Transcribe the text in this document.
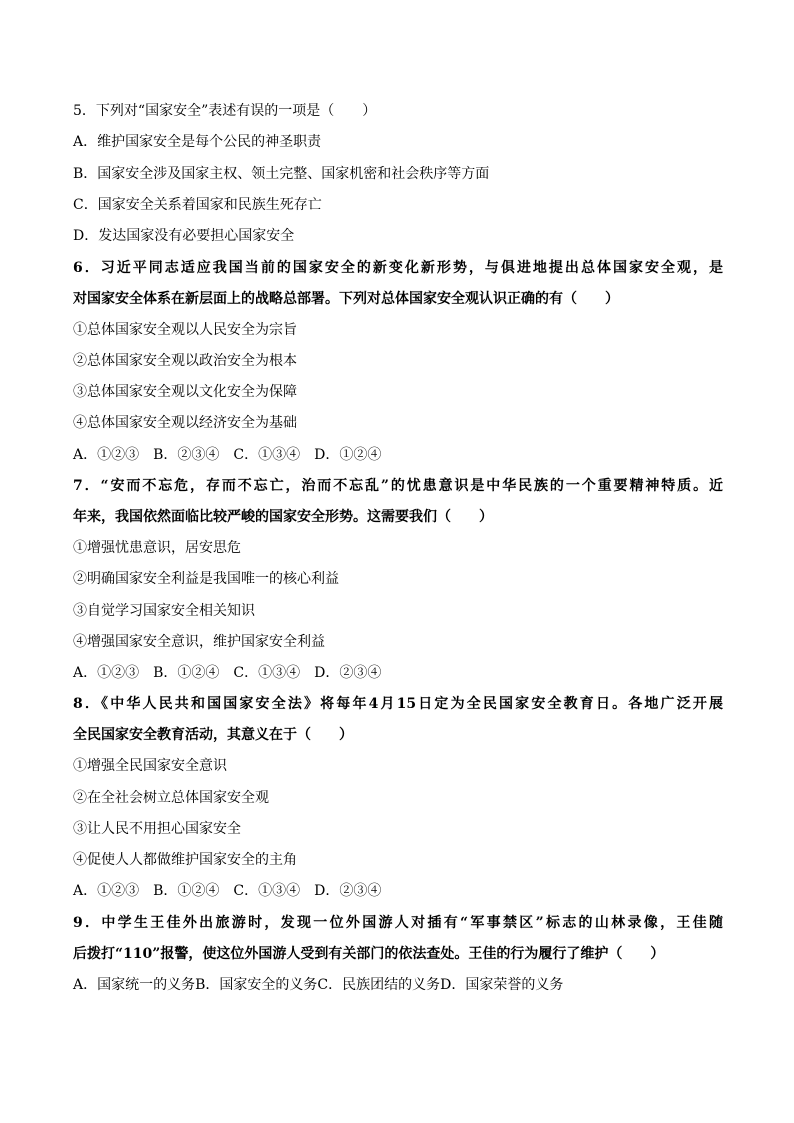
5．下列对“国家安全”表述有误的一项是（　　）
A．维护国家安全是每个公民的神圣职责
B．国家安全涉及国家主权、领土完整、国家机密和社会秩序等方面
C．国家安全关系着国家和民族生死存亡
D．发达国家没有必要担心国家安全
6．习近平同志适应我国当前的国家安全的新变化新形势，与俱进地提出总体国家安全观，是
对国家安全体系在新层面上的战略总部署。下列对总体国家安全观认识正确的有（　　）
①总体国家安全观以人民安全为宗旨
②总体国家安全观以政治安全为根本
③总体国家安全观以文化安全为保障
④总体国家安全观以经济安全为基础
A．①②③　B．②③④　C．①③④　D．①②④
7．“安而不忘危，存而不忘亡，治而不忘乱”的忧患意识是中华民族的一个重要精神特质。近
年来，我国依然面临比较严峻的国家安全形势。这需要我们（　　）
①增强忧患意识，居安思危
②明确国家安全利益是我国唯一的核心利益
③自觉学习国家安全相关知识
④增强国家安全意识，维护国家安全利益
A．①②③　B．①②④　C．①③④　D．②③④
8．《中华人民共和国国家安全法》将每年4月15日定为全民国家安全教育日。各地广泛开展
全民国家安全教育活动，其意义在于（　　）
①增强全民国家安全意识
②在全社会树立总体国家安全观
③让人民不用担心国家安全
④促使人人都做维护国家安全的主角
A．①②③　B．①②④　C．①③④　D．②③④
9．中学生王佳外出旅游时，发现一位外国游人对插有“军事禁区”标志的山林录像，王佳随
后拨打“110”报警，使这位外国游人受到有关部门的依法查处。王佳的行为履行了维护（　　）
A．国家统一的义务B．国家安全的义务C．民族团结的义务D．国家荣誉的义务
